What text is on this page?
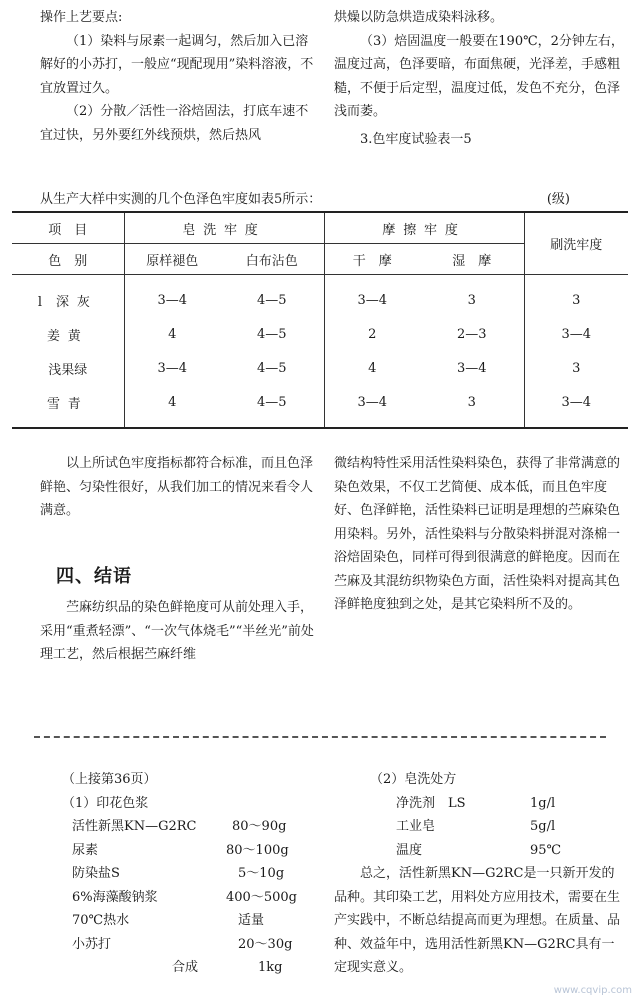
操作上艺要点:

（1）染料与尿素一起调匀，然后加入已溶解好的小苏打，一般应“现配现用”染料溶液，不宜放置过久。

（2）分散／活性一浴焙固法，打底车速不宜过快，另外要红外线预烘，然后热风

烘燥以防急烘造成染料泳移。

（3）焙固温度一般要在190℃，2分钟左右，温度过高，色泽要暗，布面焦硬，光泽差，手感粗糙，不便于后定型，温度过低，发色不充分，色泽浅而萎。

3.色牢度试验表一5

从生产大样中实测的几个色泽色牢度如表5所示：	(级)
项　目	皂洗牢度		摩擦牢度		刷洗牢度
色　别	原样褪色	白布沾色	干　摩	湿　摩	
l 深灰	3—4	4—5	3—4	3	3
姜黄	4	4—5	2	2—3	3—4
浅果绿	3—4	4—5	4	3—4	3
雪青	4	4—5	3—4	3	3—4

以上所试色牢度指标都符合标准，而且色泽鲜艳、匀染性很好，从我们加工的情况来看令人满意。

四、结语

苎麻纺织品的染色鲜艳度可从前处理入手，采用“重煮轻漂”、“一次气体烧毛”“半丝光”前处理工艺，然后根据苎麻纤维

微结构特性采用活性染料染色，获得了非常满意的染色效果，不仅工艺简便、成本低，而且色牢度好、色泽鲜艳，活性染料已证明是理想的苎麻染色用染料。另外，活性染料与分散染料拼混对涤棉一浴焙固染色，同样可得到很满意的鲜艳度。因而在苎麻及其混纺织物染色方面，活性染料对提高其色泽鲜艳度独到之处，是其它染料所不及的。

（上接第36页）
（1）印花色浆
活性新黑KN—G2RC	80～90g
尿素	80～100g
防染盐S	5～10g
6%海藻酸钠浆	400～500g
70℃热水	适量
小苏打	20～30g
合成	1kg
（2）皂洗处方
净洗剂　LS	1g/l
工业皂	5g/l
温度	95℃

总之，活性新黑KN—G2RC是一只新开发的品种。其印染工艺，用料处方应用技术，需要在生产实践中，不断总结提高而更为理想。在质量、品种、效益年中，选用活性新黑KN—G2RC具有一定现实意义。

www.cqvip.com
